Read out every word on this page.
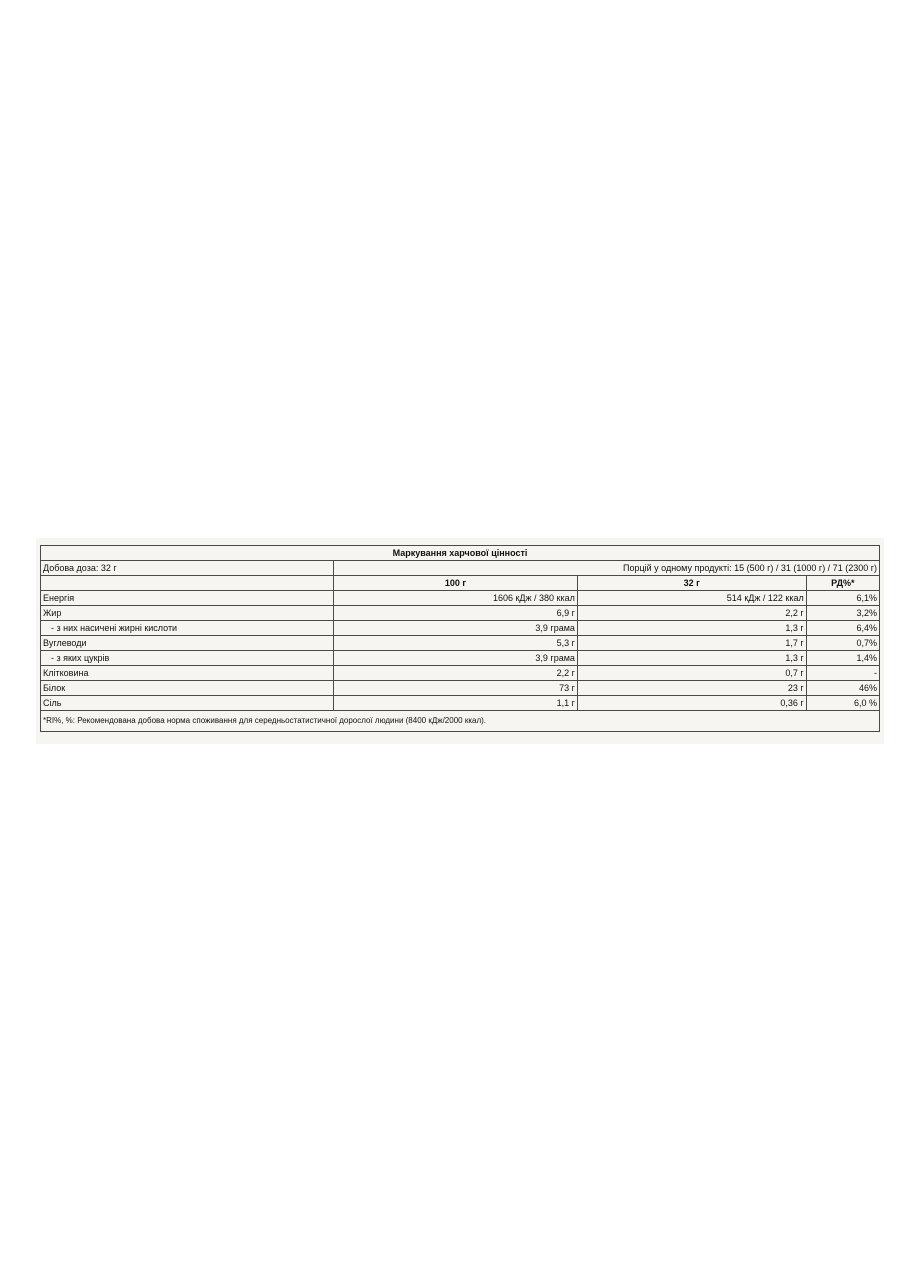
Маркування харчової цінності			
Добова доза: 32 г	Порцій у одному продукті: 15 (500 г) / 31 (1000 г) / 71 (2300 г)		
	100 г	32 г	РД%*
Енергія	1606 кДж / 380 ккал	514 кДж / 122 ккал	6,1%
Жир	6,9 г	2,2 г	3,2%
- з них насичені жирні кислоти	3,9 грама	1,3 г	6,4%
Вуглеводи	5,3 г	1,7 г	0,7%
- з яких цукрів	3,9 грама	1,3 г	1,4%
Клітковина	2,2 г	0,7 г	-
Білок	73 г	23 г	46%
Сіль	1,1 г	0,36 г	6,0 %
*RI%, %: Рекомендована добова норма споживання для середньостатистичної дорослої людини (8400 кДж/2000 ккал).			
